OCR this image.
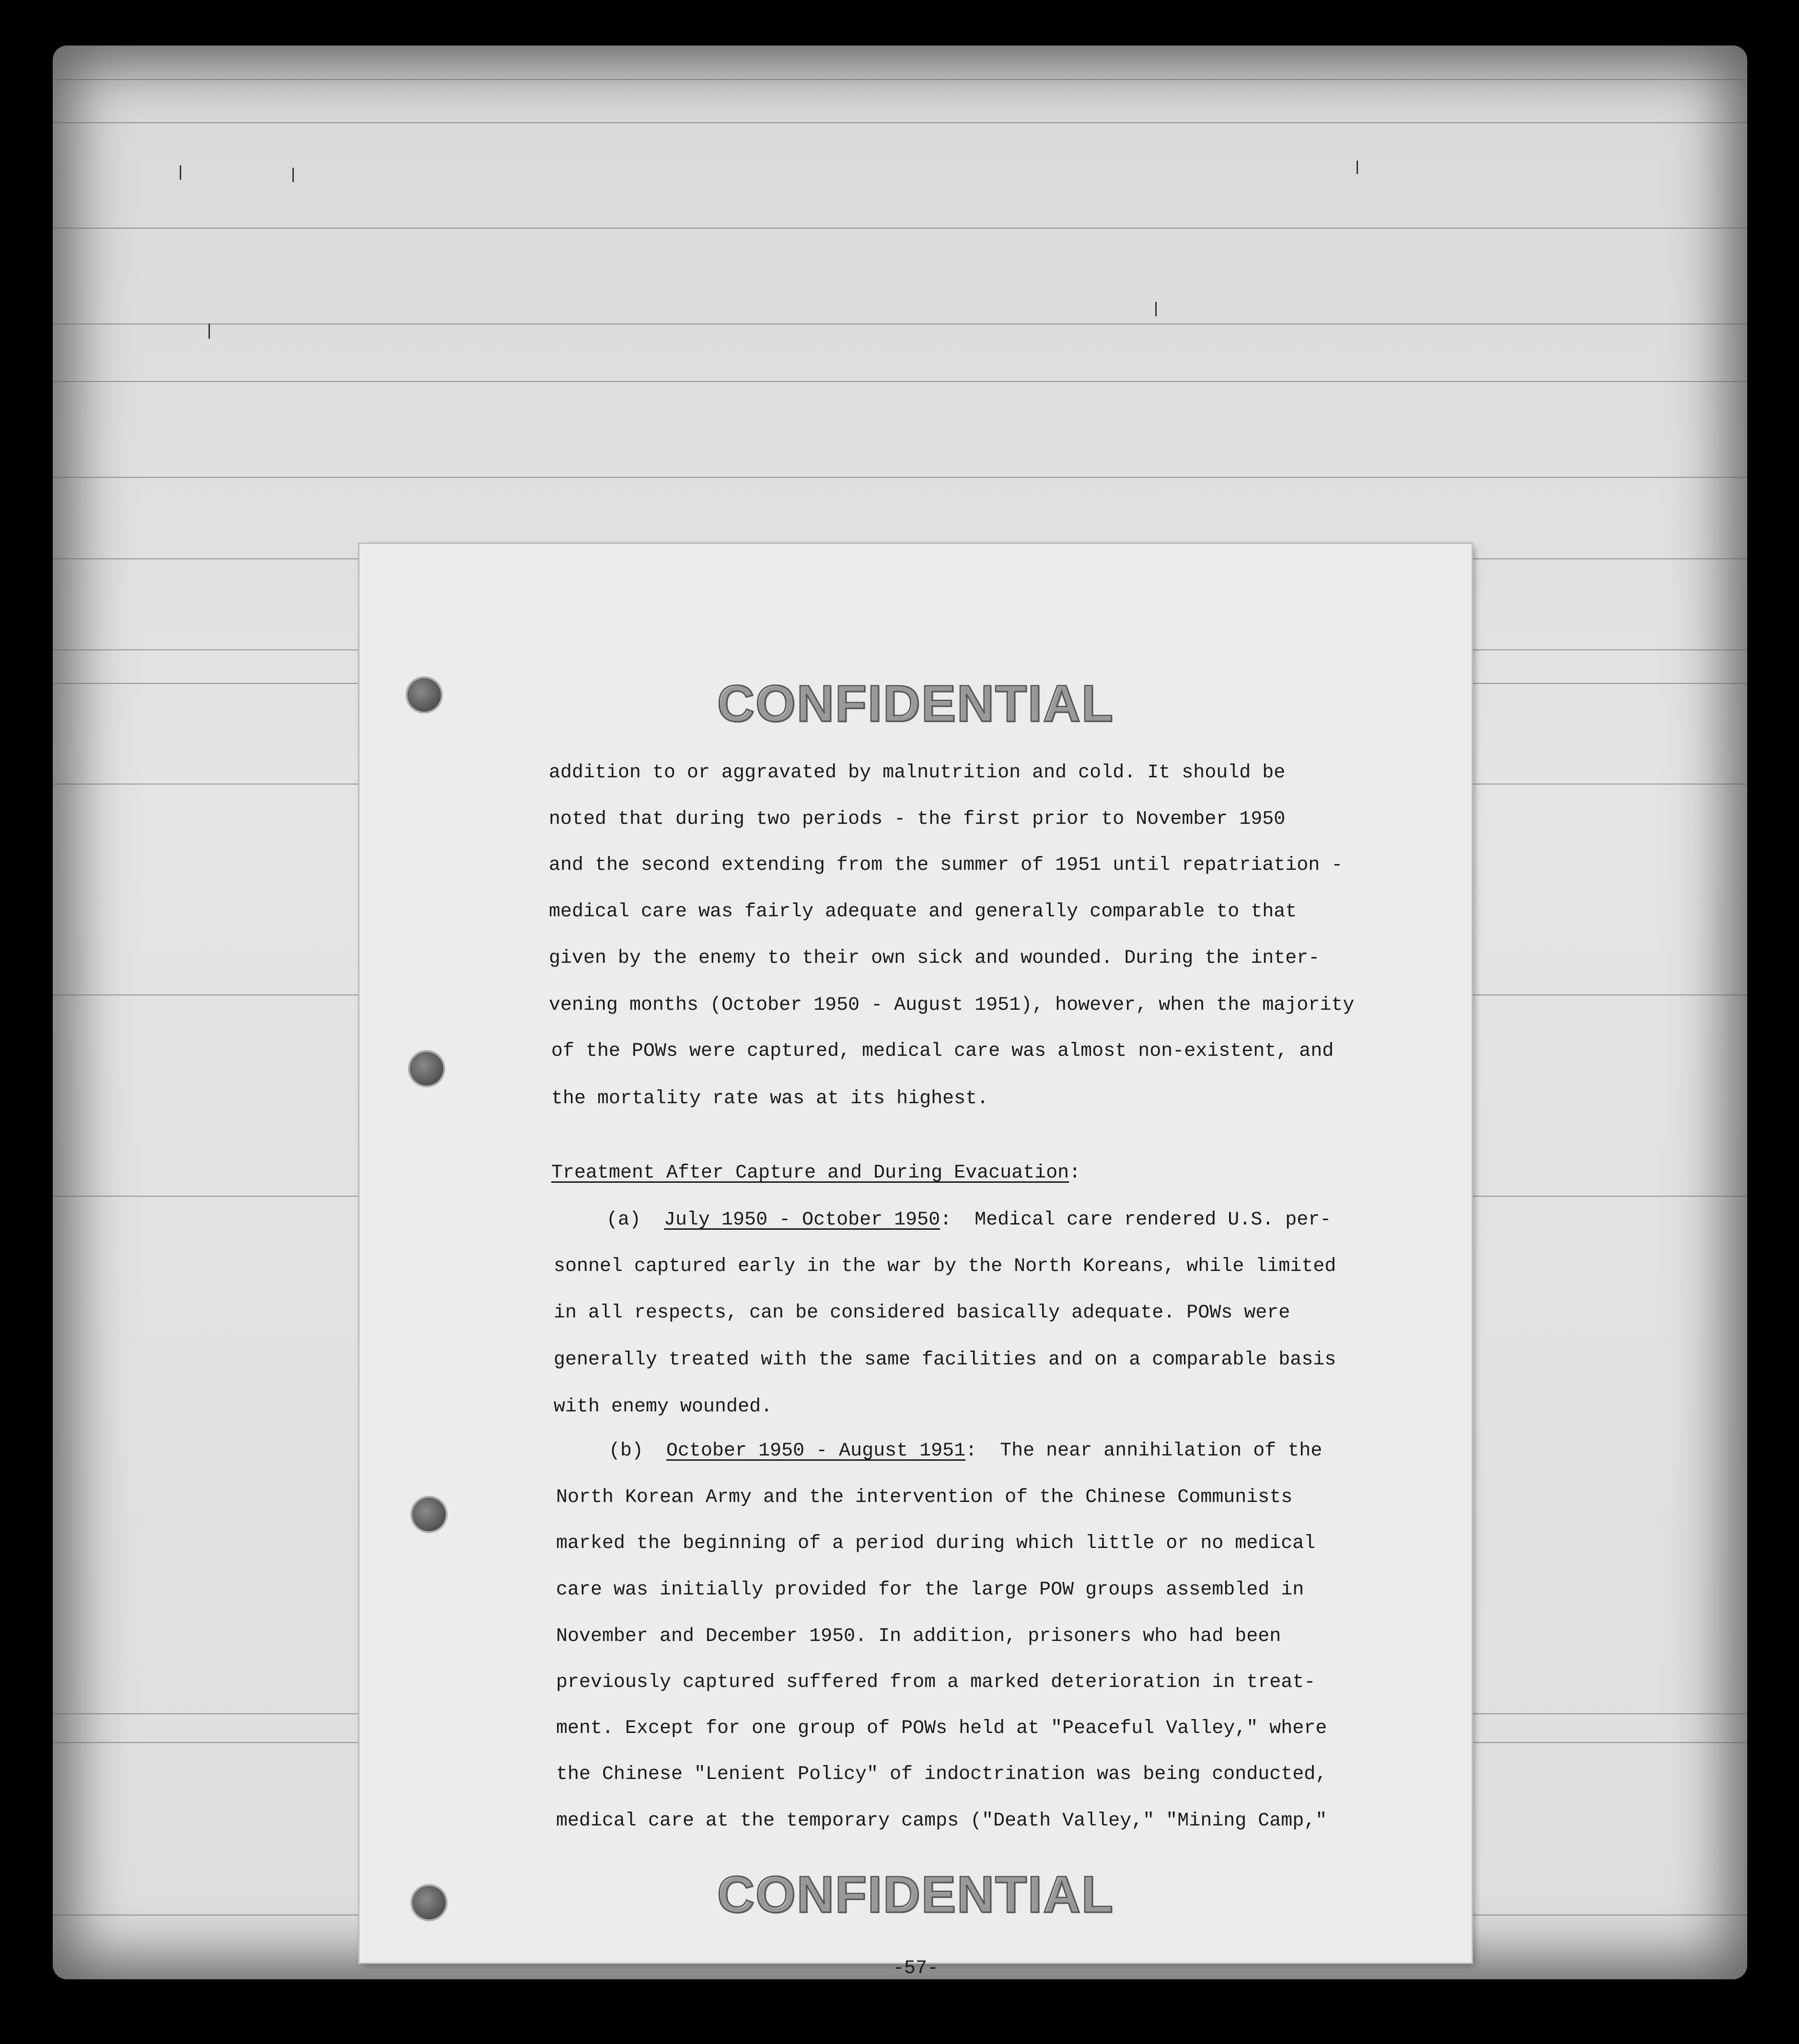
CONFIDENTIAL

addition to or aggravated by malnutrition and cold. It should be

noted that during two periods - the first prior to November 1950

and the second extending from the summer of 1951 until repatriation -

medical care was fairly adequate and generally comparable to that

given by the enemy to their own sick and wounded. During the inter-

vening months (October 1950 - August 1951), however, when the majority

of the POWs were captured, medical care was almost non-existent, and

the mortality rate was at its highest.

Treatment After Capture and During Evacuation:

(a) July 1950 - October 1950:  Medical care rendered U.S. per-

sonnel captured early in the war by the North Koreans, while limited

in all respects, can be considered basically adequate. POWs were

generally treated with the same facilities and on a comparable basis

with enemy wounded.

(b) October 1950 - August 1951:  The near annihilation of the

North Korean Army and the intervention of the Chinese Communists

marked the beginning of a period during which little or no medical

care was initially provided for the large POW groups assembled in

November and December 1950. In addition, prisoners who had been

previously captured suffered from a marked deterioration in treat-

ment. Except for one group of POWs held at "Peaceful Valley," where

the Chinese "Lenient Policy" of indoctrination was being conducted,

medical care at the temporary camps ("Death Valley," "Mining Camp,"

CONFIDENTIAL
-57-
